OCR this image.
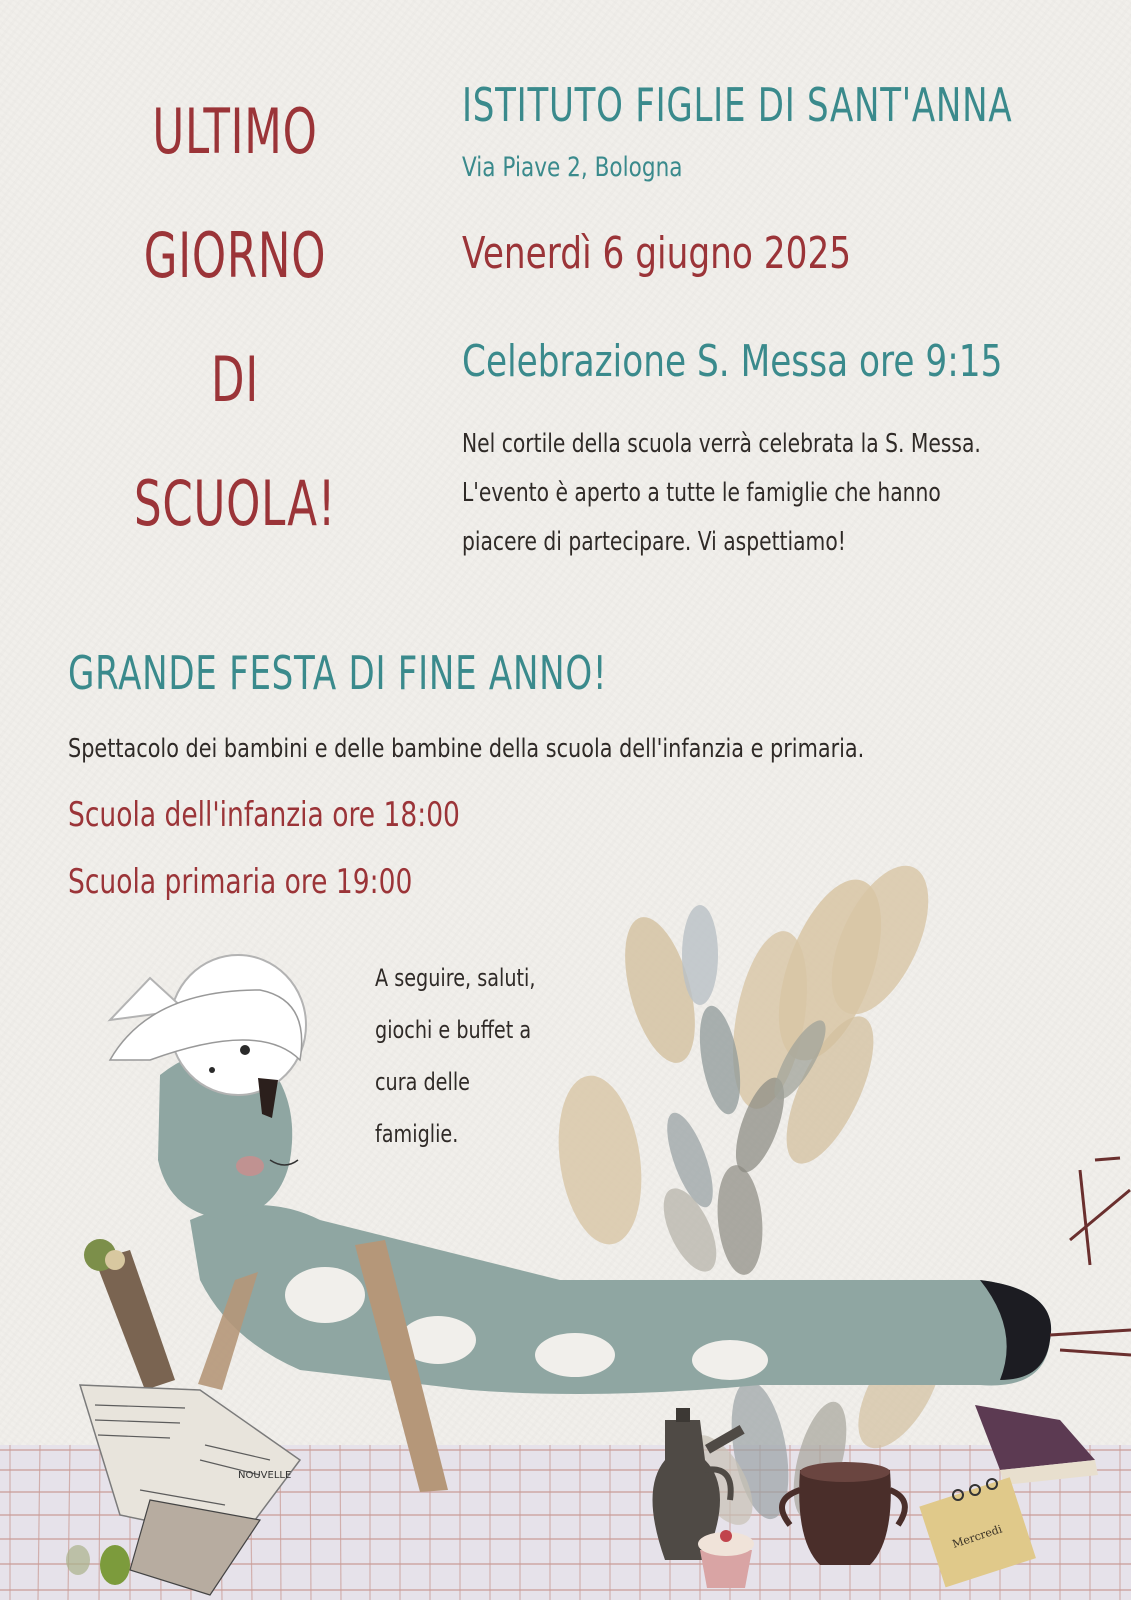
ULTIMO
GIORNO
DI
SCUOLA!
ISTITUTO FIGLIE DI SANT'ANNA
Via Piave 2, Bologna
Venerdì 6 giugno 2025
Celebrazione S. Messa ore 9:15
Nel cortile della scuola verrà celebrata la S. Messa.
L'evento è aperto a tutte le famiglie che hanno
piacere di partecipare. Vi aspettiamo!
GRANDE FESTA DI FINE ANNO!
Spettacolo dei bambini e delle bambine della scuola dell'infanzia e primaria.
Scuola dell'infanzia ore 18:00
Scuola primaria ore 19:00
A seguire, saluti,
giochi e buffet a
cura delle
famiglie.
NOUVELLE
Mercredi
